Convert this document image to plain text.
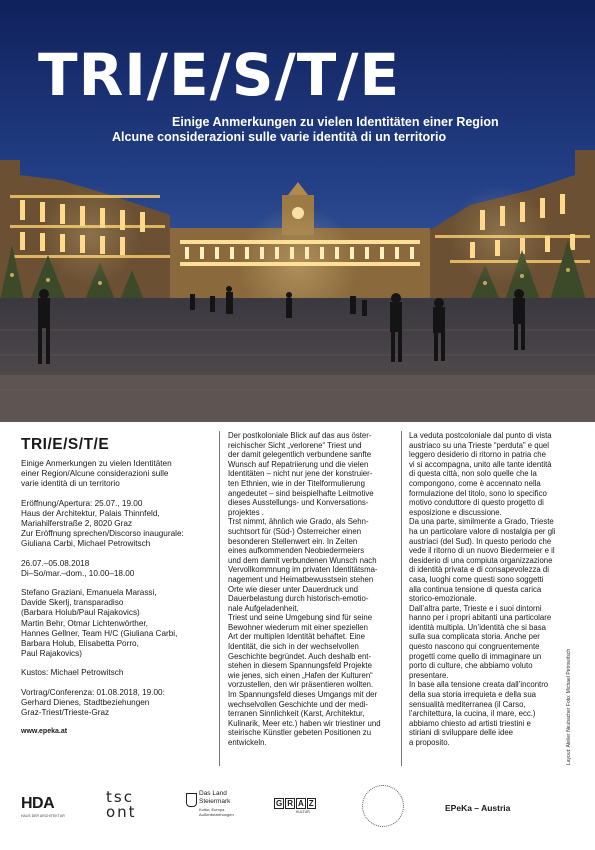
TRI/E/S/T/E
Einige Anmerkungen zu vielen Identitäten einer Region
Alcune considerazioni sulle varie identità di un territorio
TRI/E/S/T/E

Einige Anmerkungen zu vielen Identitäten

einer Region/Alcune considerazioni sulle

varie identità di un territorio

Eröffnung/Apertura: 25.07., 19.00

Haus der Architektur, Palais Thinnfeld,

Mariahilferstraße 2, 8020 Graz

Zur Eröffnung sprechen/Discorso inaugurale:

Giuliana Carbi, Michael Petrowitsch

26.07.–05.08.2018

Di–So/mar.–dom., 10.00–18.00

Stefano Graziani, Emanuela Marassi,

Davide Skerlj, transparadiso

(Barbara Holub/Paul Rajakovics)

Martin Behr, Otmar Lichtenwörther,

Hannes Gellner, Team H/C (Giuliana Carbi,

Barbara Holub, Elisabetta Porro,

Paul Rajakovics)

Kustos: Michael Petrowitsch

Vortrag/Conferenza: 01.08.2018, 19.00:

Gerhard Dienes, Stadtbeziehungen

Graz-Triest/Trieste-Graz

www.epeka.at

Der postkoloniale Blick auf das aus öster-

reichischer Sicht „verlorene“ Triest und

der damit gelegentlich verbundene sanfte

Wunsch auf Repatriierung und die vielen

Identitäten – nicht nur jene der konstruier-

ten Ethnien, wie in der Titelformulierung

angedeutet – sind beispielhafte Leitmotive

dieses Ausstellungs- und Konversations-

projektes .

Trst nimmt, ähnlich wie Grado, als Sehn-

suchtsort für (Süd-) Österreicher einen

besonderen Stellenwert ein. In Zeiten

eines aufkommenden Neobiedermeiers

und dem damit verbundenen Wunsch nach

Vervollkommnung im privaten Identitätsma-

nagement und Heimatbewusstsein stehen

Orte wie dieser unter Dauerdruck und

Dauerbelastung durch historisch-emotio-

nale Aufgeladenheit.

Triest und seine Umgebung sind für seine

Bewohner wiederum mit einer speziellen

Art der multiplen Identität behaftet. Eine

Identität, die sich in der wechselvollen

Geschichte begründet. Auch deshalb ent-

stehen in diesem Spannungsfeld Projekte

wie jenes, sich einen „Hafen der Kulturen“

vorzustellen, den wir präsentieren wollten.

Im Spannungsfeld dieses Umgangs mit der

wechselvollen Geschichte und der medi-

terranen Sinnlichkeit (Karst, Architektur,

Kulinarik, Meer etc.) haben wir triestiner und

steirische Künstler gebeten Positionen zu

entwickeln.

La veduta postcoloniale dal punto di vista

austriaco su una Trieste “perduta” e quel

leggero desiderio di ritorno in patria che

vi si accompagna, unito alle tante identità

di questa città, non solo quelle che la

compongono, come è accennato nella

formulazione del titolo, sono lo specifico

motivo conduttore di questo progetto di

esposizione e discussione.

Da una parte, similmente a Grado, Trieste

ha un particolare valore di nostalgia per gli

austriaci (del Sud). In questo periodo che

vede il ritorno di un nuovo Biedermeier e il

desiderio di una compiuta organizzazione

di identità privata e di consapevolezza di

casa, luoghi come questi sono soggetti

alla continua tensione di questa carica

storico-emozionale.

Dall’altra parte, Trieste e i suoi dintorni

hanno per i propri abitanti una particolare

identità multipla. Un’identità che si basa

sulla sua complicata storia. Anche per

questo nascono qui congruentemente

progetti come quello di immaginare un

porto di culture, che abbiamo voluto

presentare.

In base alla tensione creata dall’incontro

della sua storia irrequieta e della sua

sensualità mediterranea (il Carso,

l’architettura, la cucina, il mare, ecc.)

abbiamo chiesto ad artisti triestini e

stiriani di sviluppare delle idee

a proposito.

HDA
HAUS DER ARCHITEKTUR
tsc
ont
Das Land
Steiermark
Kultur, Europa
Außenbeziehungen
G R A Z
KULTUR	EPeKa – Austria
Layout: Atelier Neubacher Foto: Michael Petrowitsch
